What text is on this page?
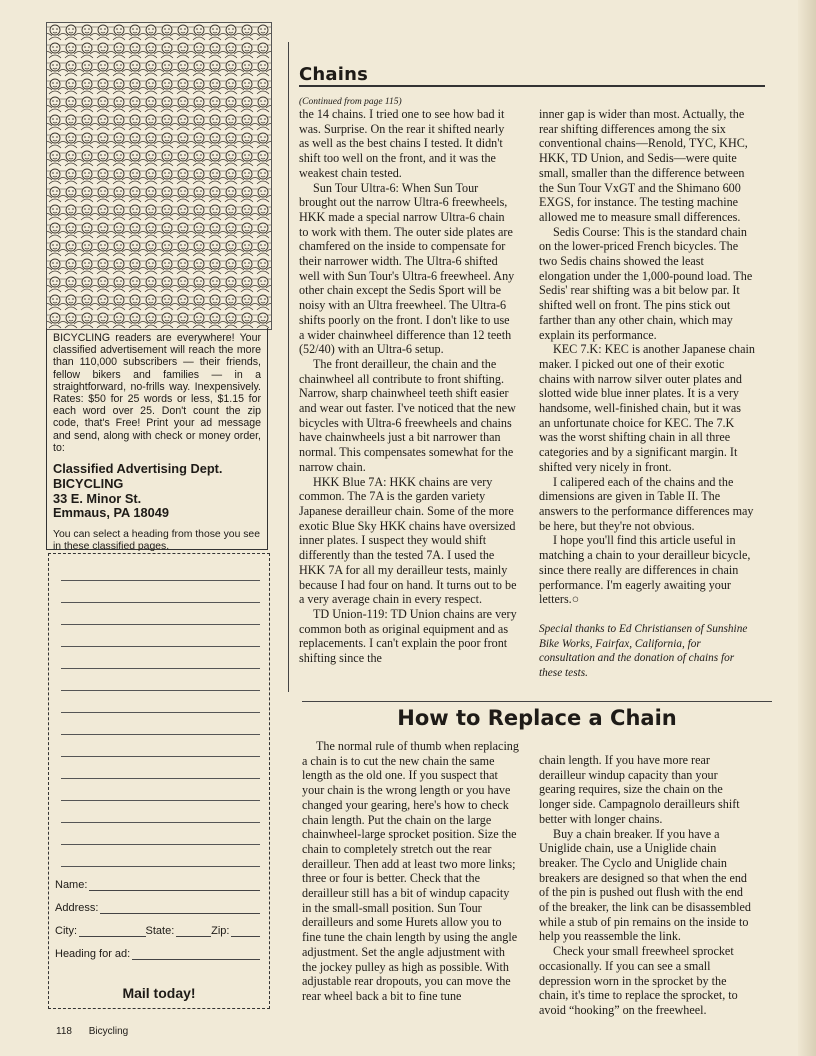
BICYCLING readers are everywhere! Your classified advertisement will reach the more than 110,000 subscribers — their friends, fellow bikers and families — in a straightforward, no-frills way. Inexpensively. Rates: $50 for 25 words or less, $1.15 for each word over 25. Don't count the zip code, that's Free! Print your ad message and send, along with check or money order, to:

Classified Advertising Dept.
BICYCLING
33 E. Minor St.
Emmaus, PA 18049
You can select a heading from those you see in these classified pages.
Name:
Address:
City:	State:	Zip:
Heading for ad:
Mail today!
Chains
(Continued from page 115)

the 14 chains. I tried one to see how bad it was. Surprise. On the rear it shifted nearly as well as the best chains I tested. It didn't shift too well on the front, and it was the weakest chain tested.

Sun Tour Ultra-6: When Sun Tour brought out the narrow Ultra-6 freewheels, HKK made a special narrow Ultra-6 chain to work with them. The outer side plates are chamfered on the inside to compensate for their narrower width. The Ultra-6 shifted well with Sun Tour's Ultra-6 freewheel. Any other chain except the Sedis Sport will be noisy with an Ultra freewheel. The Ultra-6 shifts poorly on the front. I don't like to use a wider chainwheel difference than 12 teeth (52/40) with an Ultra-6 setup.

The front derailleur, the chain and the chainwheel all contribute to front shifting. Narrow, sharp chainwheel teeth shift easier and wear out faster. I've noticed that the new bicycles with Ultra-6 freewheels and chains have chainwheels just a bit narrower than normal. This compensates somewhat for the narrow chain.

HKK Blue 7A: HKK chains are very common. The 7A is the garden variety Japanese derailleur chain. Some of the more exotic Blue Sky HKK chains have oversized inner plates. I suspect they would shift differently than the tested 7A. I used the HKK 7A for all my derailleur tests, mainly because I had four on hand. It turns out to be a very average chain in every respect.

TD Union-119: TD Union chains are very common both as original equipment and as replacements. I can't explain the poor front shifting since the

inner gap is wider than most. Actually, the rear shifting differences among the six conventional chains—Renold, TYC, KHC, HKK, TD Union, and Sedis—were quite small, smaller than the difference between the Sun Tour VxGT and the Shimano 600 EXGS, for instance. The testing machine allowed me to measure small differences.

Sedis Course: This is the standard chain on the lower-priced French bicycles. The two Sedis chains showed the least elongation under the 1,000-pound load. The Sedis' rear shifting was a bit below par. It shifted well on front. The pins stick out farther than any other chain, which may explain its performance.

KEC 7.K: KEC is another Japanese chain maker. I picked out one of their exotic chains with narrow silver outer plates and slotted wide blue inner plates. It is a very handsome, well-finished chain, but it was an unfortunate choice for KEC. The 7.K was the worst shifting chain in all three categories and by a significant margin. It shifted very nicely in front.

I calipered each of the chains and the dimensions are given in Table II. The answers to the performance differences may be here, but they're not obvious.

I hope you'll find this article useful in matching a chain to your derailleur bicycle, since there really are differences in chain performance. I'm eagerly awaiting your letters.○

Special thanks to Ed Christiansen of Sunshine Bike Works, Fairfax, California, for consultation and the donation of chains for these tests.

How to Replace a Chain

The normal rule of thumb when replacing a chain is to cut the new chain the same length as the old one. If you suspect that your chain is the wrong length or you have changed your gearing, here's how to check chain length. Put the chain on the large chainwheel-large sprocket position. Size the chain to completely stretch out the rear derailleur. Then add at least two more links; three or four is better. Check that the derailleur still has a bit of windup capacity in the small-small position. Sun Tour derailleurs and some Hurets allow you to fine tune the chain length by using the angle adjustment. Set the angle adjustment with the jockey pulley as high as possible. With adjustable rear dropouts, you can move the rear wheel back a bit to fine tune

chain length. If you have more rear derailleur windup capacity than your gearing requires, size the chain on the longer side. Campagnolo derailleurs shift better with longer chains.

Buy a chain breaker. If you have a Uniglide chain, use a Uniglide chain breaker. The Cyclo and Uniglide chain breakers are designed so that when the end of the pin is pushed out flush with the end of the breaker, the link can be disassembled while a stub of pin remains on the inside to help you reassemble the link.

Check your small freewheel sprocket occasionally. If you can see a small depression worn in the sprocket by the chain, it's time to replace the sprocket, to avoid “hooking” on the freewheel.

118 Bicycling
